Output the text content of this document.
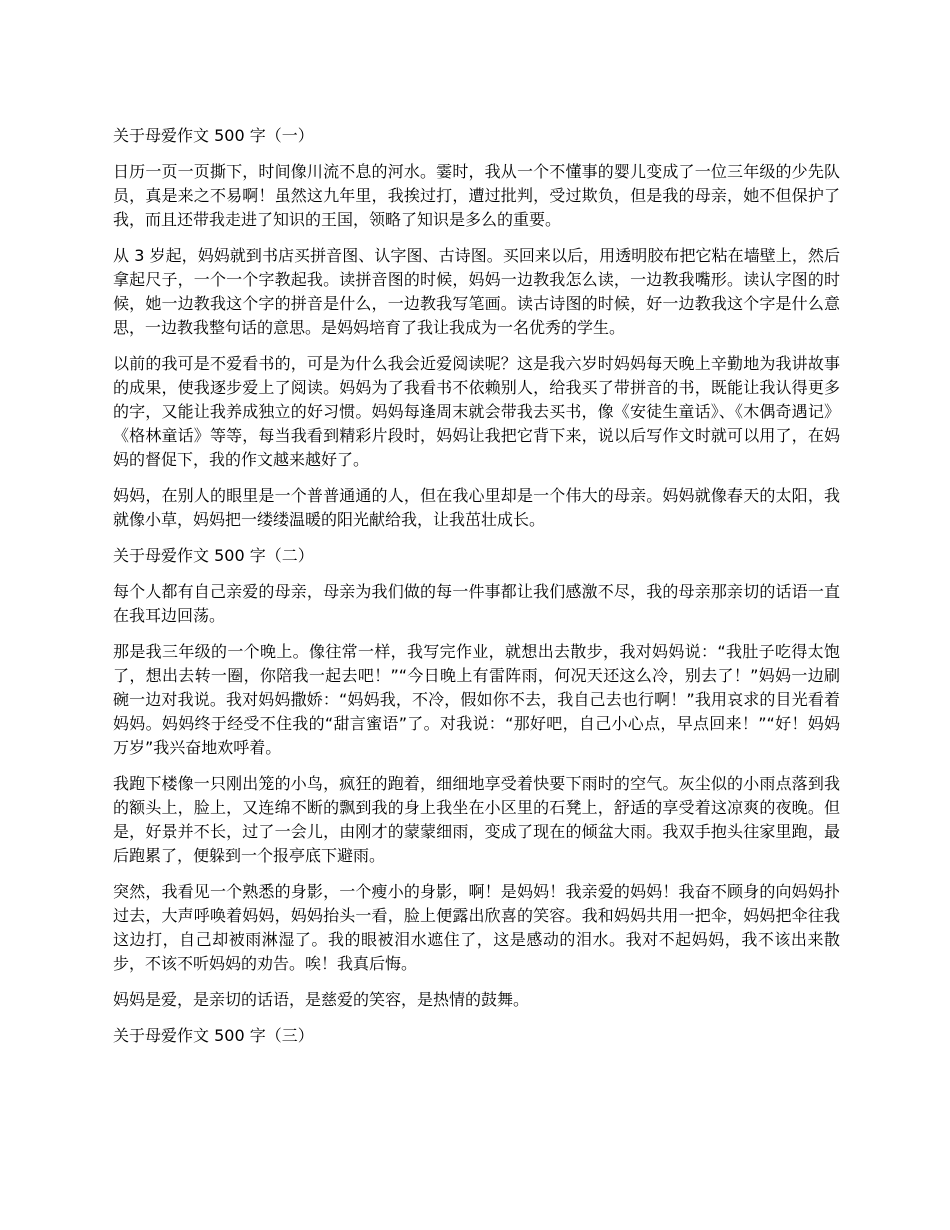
关于母爱作文 500 字（一）

日历一页一页撕下，时间像川流不息的河水。霎时，我从一个不懂事的婴儿变成了一位三年级的少先队员，真是来之不易啊！虽然这九年里，我挨过打，遭过批判，受过欺负，但是我的母亲，她不但保护了我，而且还带我走进了知识的王国，领略了知识是多么的重要。

从 3 岁起，妈妈就到书店买拼音图、认字图、古诗图。买回来以后，用透明胶布把它粘在墙壁上，然后拿起尺子，一个一个字教起我。读拼音图的时候，妈妈一边教我怎么读，一边教我嘴形。读认字图的时候，她一边教我这个字的拼音是什么，一边教我写笔画。读古诗图的时候，好一边教我这个字是什么意思，一边教我整句话的意思。是妈妈培育了我让我成为一名优秀的学生。

以前的我可是不爱看书的，可是为什么我会近爱阅读呢？这是我六岁时妈妈每天晚上辛勤地为我讲故事的成果，使我逐步爱上了阅读。妈妈为了我看书不依赖别人，给我买了带拼音的书，既能让我认得更多的字，又能让我养成独立的好习惯。妈妈每逢周末就会带我去买书，像《安徒生童话》、《木偶奇遇记》《格林童话》等等，每当我看到精彩片段时，妈妈让我把它背下来，说以后写作文时就可以用了，在妈妈的督促下，我的作文越来越好了。

妈妈，在别人的眼里是一个普普通通的人，但在我心里却是一个伟大的母亲。妈妈就像春天的太阳，我就像小草，妈妈把一缕缕温暖的阳光献给我，让我茁壮成长。

关于母爱作文 500 字（二）

每个人都有自己亲爱的母亲，母亲为我们做的每一件事都让我们感激不尽，我的母亲那亲切的话语一直在我耳边回荡。

那是我三年级的一个晚上。像往常一样，我写完作业，就想出去散步，我对妈妈说：“我肚子吃得太饱了，想出去转一圈，你陪我一起去吧！”“今日晚上有雷阵雨，何况天还这么冷，别去了！”妈妈一边刷碗一边对我说。我对妈妈撒娇：“妈妈我，不冷，假如你不去，我自己去也行啊！”我用哀求的目光看着妈妈。妈妈终于经受不住我的“甜言蜜语”了。对我说：“那好吧，自己小心点，早点回来！”“好！妈妈万岁”我兴奋地欢呼着。

我跑下楼像一只刚出笼的小鸟，疯狂的跑着，细细地享受着快要下雨时的空气。灰尘似的小雨点落到我的额头上，脸上，又连绵不断的飘到我的身上我坐在小区里的石凳上，舒适的享受着这凉爽的夜晚。但是，好景并不长，过了一会儿，由刚才的蒙蒙细雨，变成了现在的倾盆大雨。我双手抱头往家里跑，最后跑累了，便躲到一个报亭底下避雨。

突然，我看见一个熟悉的身影，一个瘦小的身影，啊！是妈妈！我亲爱的妈妈！我奋不顾身的向妈妈扑过去，大声呼唤着妈妈，妈妈抬头一看，脸上便露出欣喜的笑容。我和妈妈共用一把伞，妈妈把伞往我这边打，自己却被雨淋湿了。我的眼被泪水遮住了，这是感动的泪水。我对不起妈妈，我不该出来散步，不该不听妈妈的劝告。唉！我真后悔。

妈妈是爱，是亲切的话语，是慈爱的笑容，是热情的鼓舞。

关于母爱作文 500 字（三）
